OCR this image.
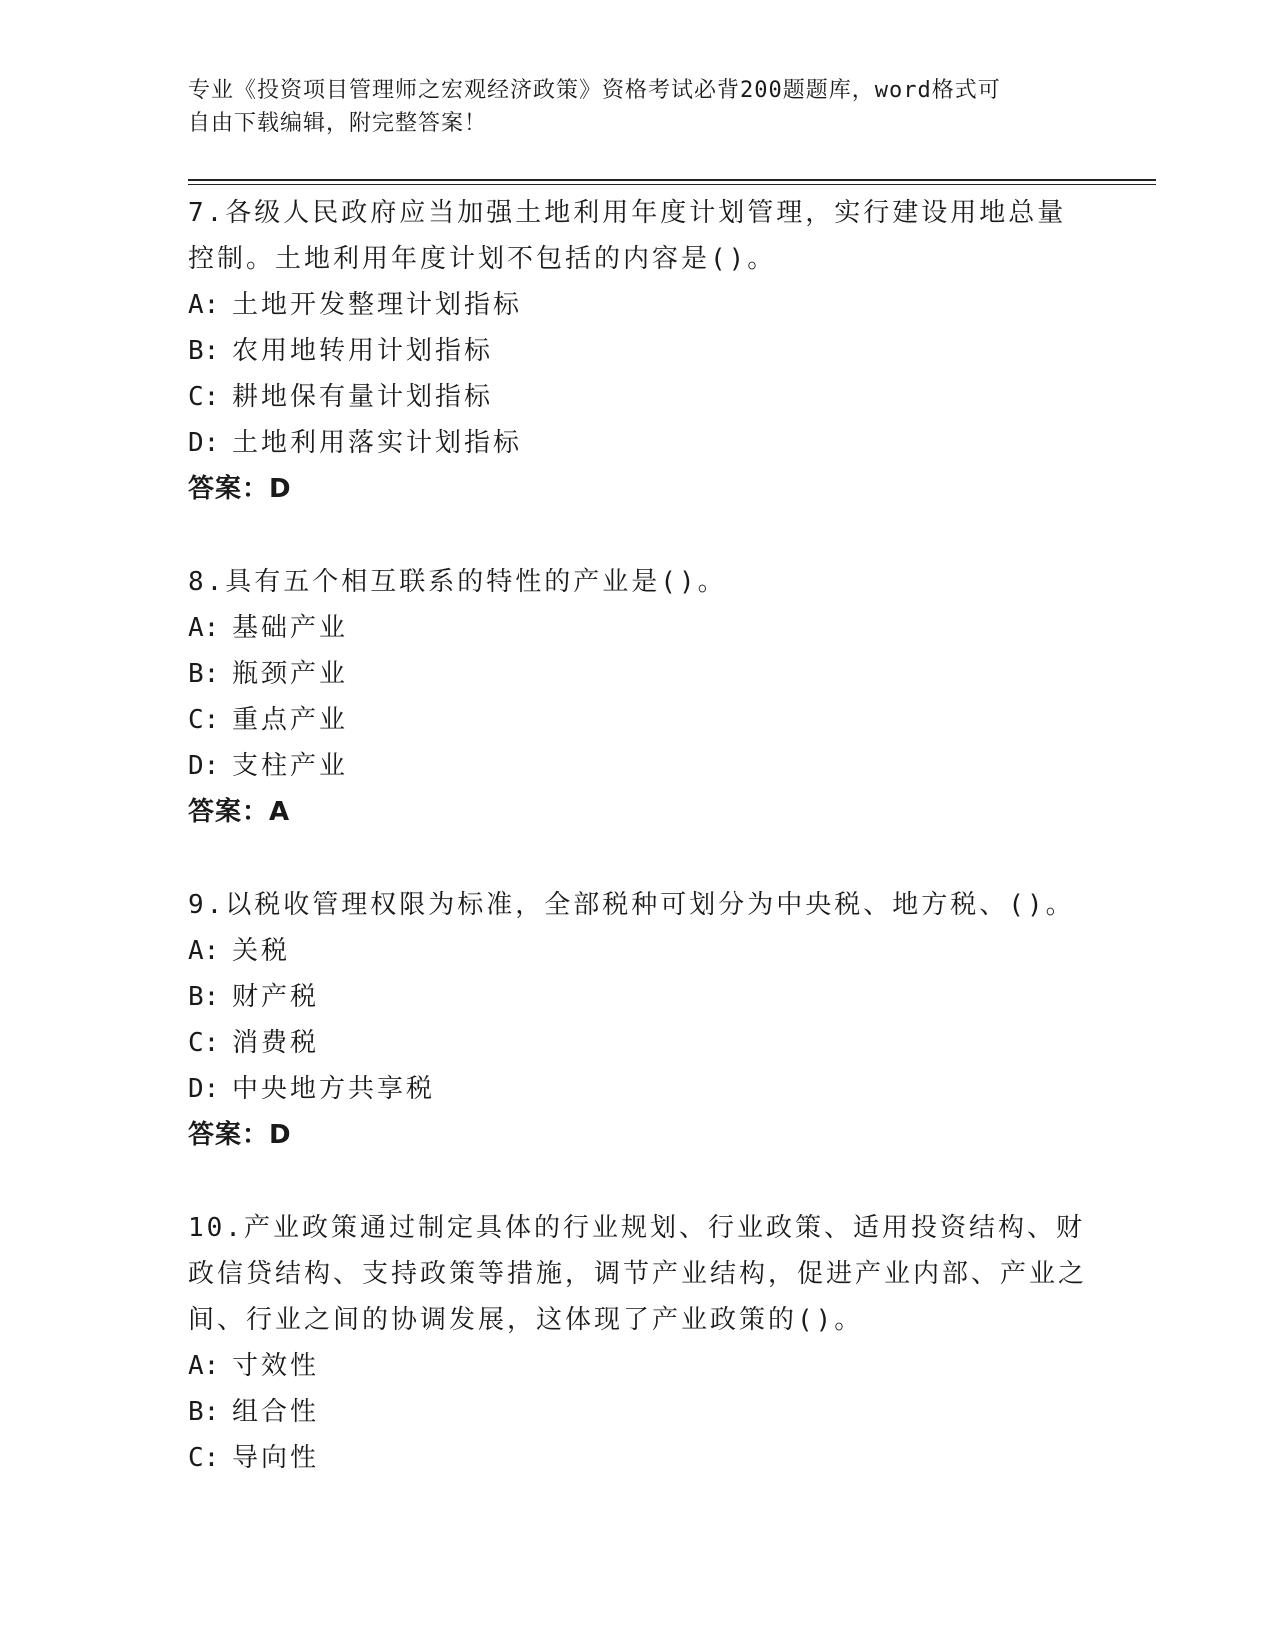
专业《投资项目管理师之宏观经济政策》资格考试必背200题题库，word格式可
自由下载编辑，附完整答案！
7.各级人民政府应当加强土地利用年度计划管理，实行建设用地总量控制。土地利用年度计划不包括的内容是()。
A: 土地开发整理计划指标
B: 农用地转用计划指标
C: 耕地保有量计划指标
D: 土地利用落实计划指标
答案：D
8.具有五个相互联系的特性的产业是()。
A: 基础产业
B: 瓶颈产业
C: 重点产业
D: 支柱产业
答案：A
9.以税收管理权限为标准，全部税种可划分为中央税、地方税、()。
A: 关税
B: 财产税
C: 消费税
D: 中央地方共享税
答案：D
10.产业政策通过制定具体的行业规划、行业政策、适用投资结构、财政信贷结构、支持政策等措施，调节产业结构，促进产业内部、产业之间、行业之间的协调发展，这体现了产业政策的()。
A: 寸效性
B: 组合性
C: 导向性
